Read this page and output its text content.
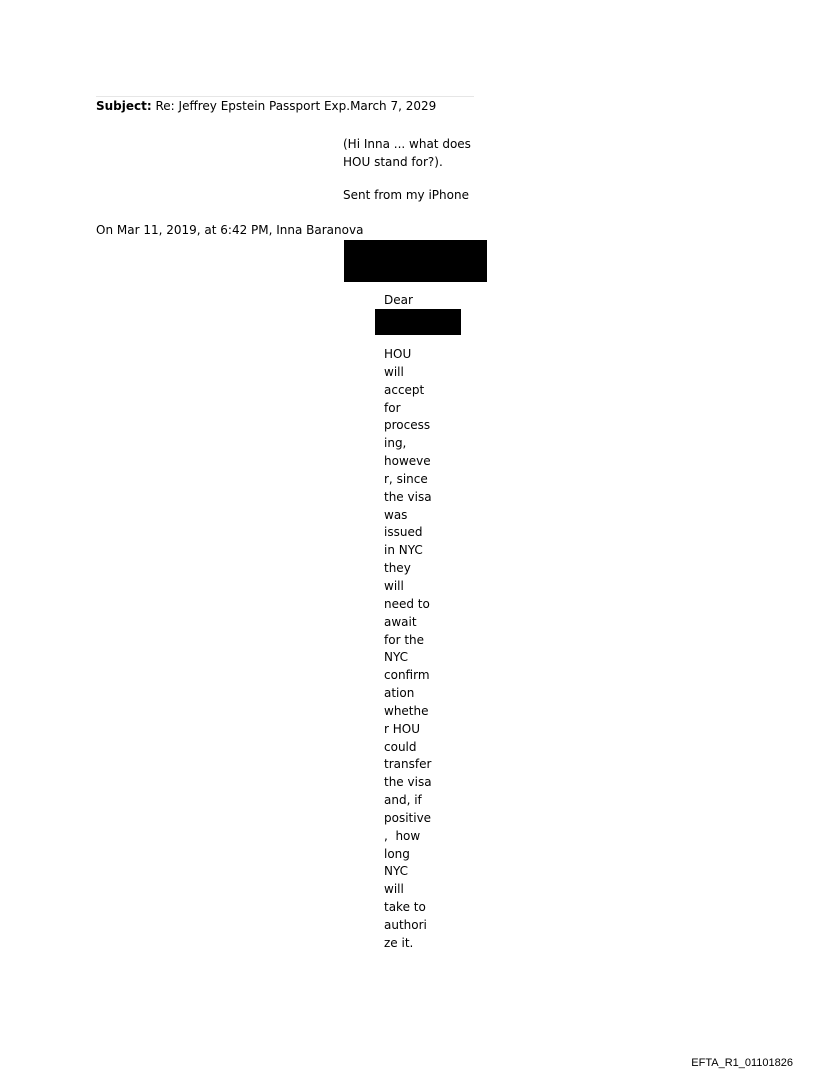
Subject: Re: Jeffrey Epstein Passport Exp.March 7, 2029
(Hi Inna ... what does HOU stand for?).
Sent from my iPhone
On Mar 11, 2019, at 6:42 PM, Inna Baranova
Dear
HOU
will
accept
for
process
ing,
howeve
r, since
the visa
was
issued
in NYC
they
will
need to
await
for the
NYC
confirm
ation
whethe
r HOU
could
transfer
the visa
and, if
positive
,  how
long
NYC
will
take to
authori
ze it.
EFTA_R1_01101826
